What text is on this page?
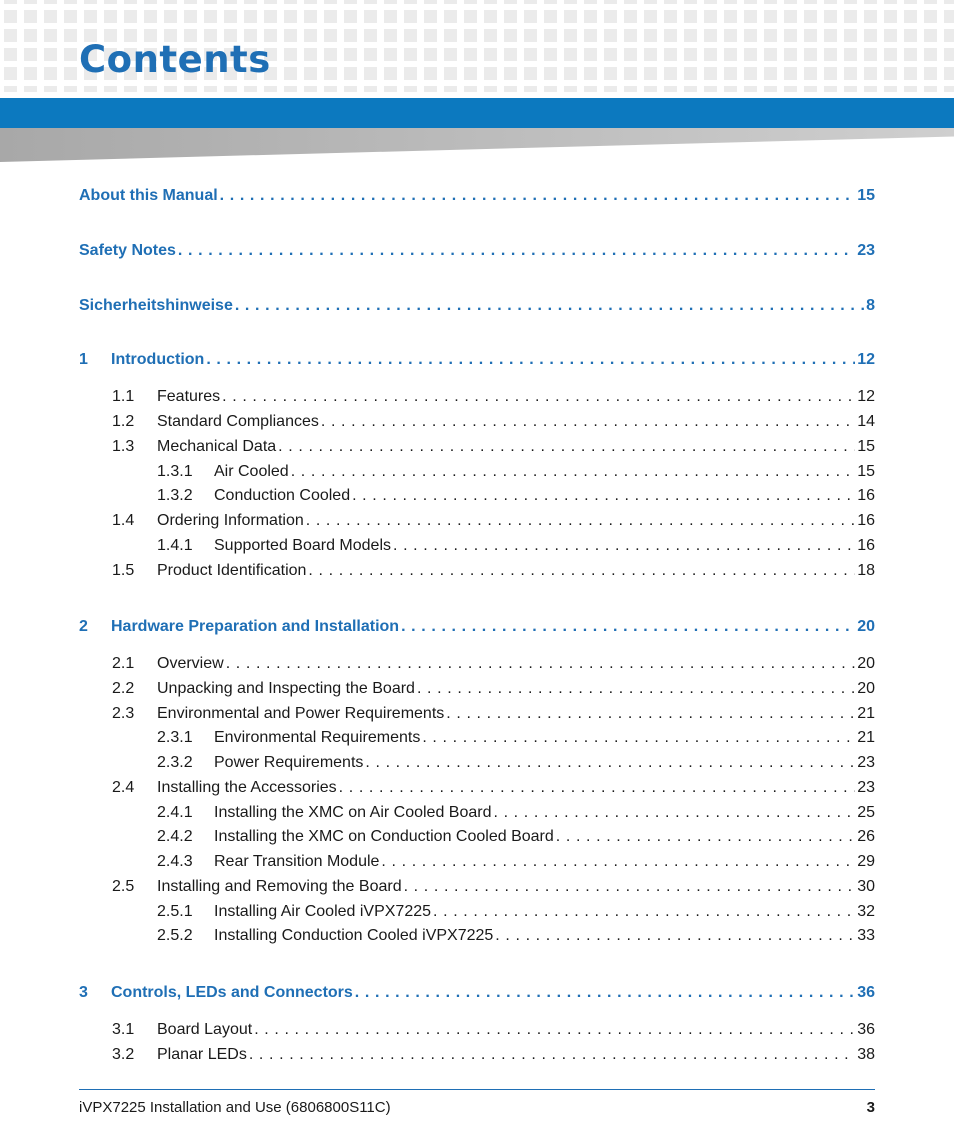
Contents
About this Manual . . .	15
Safety Notes . . .	23
Sicherheitshinweise . . .	8
1	Introduction . . .	12
1.1	Features . . .	12
1.2	Standard Compliances . . .	14
1.3	Mechanical Data . . .	15
1.3.1	Air Cooled . . .	15
1.3.2	Conduction Cooled . . .	16
1.4	Ordering Information . . .	16
1.4.1	Supported Board Models . . .	16
1.5	Product Identification . . .	18
2	Hardware Preparation and Installation . . .	20
2.1	Overview . . .	20
2.2	Unpacking and Inspecting the Board . . .	20
2.3	Environmental and Power Requirements . . .	21
2.3.1	Environmental Requirements . . .	21
2.3.2	Power Requirements . . .	23
2.4	Installing the Accessories . . .	23
2.4.1	Installing the XMC on Air Cooled Board . . .	25
2.4.2	Installing the XMC on Conduction Cooled Board . . .	26
2.4.3	Rear Transition Module . . .	29
2.5	Installing and Removing the Board . . .	30
2.5.1	Installing Air Cooled iVPX7225 . . .	32
2.5.2	Installing Conduction Cooled iVPX7225 . . .	33
3	Controls, LEDs and Connectors . . .	36
3.1	Board Layout . . .	36
3.2	Planar LEDs . . .	38
iVPX7225 Installation and Use (6806800S11C)	3
